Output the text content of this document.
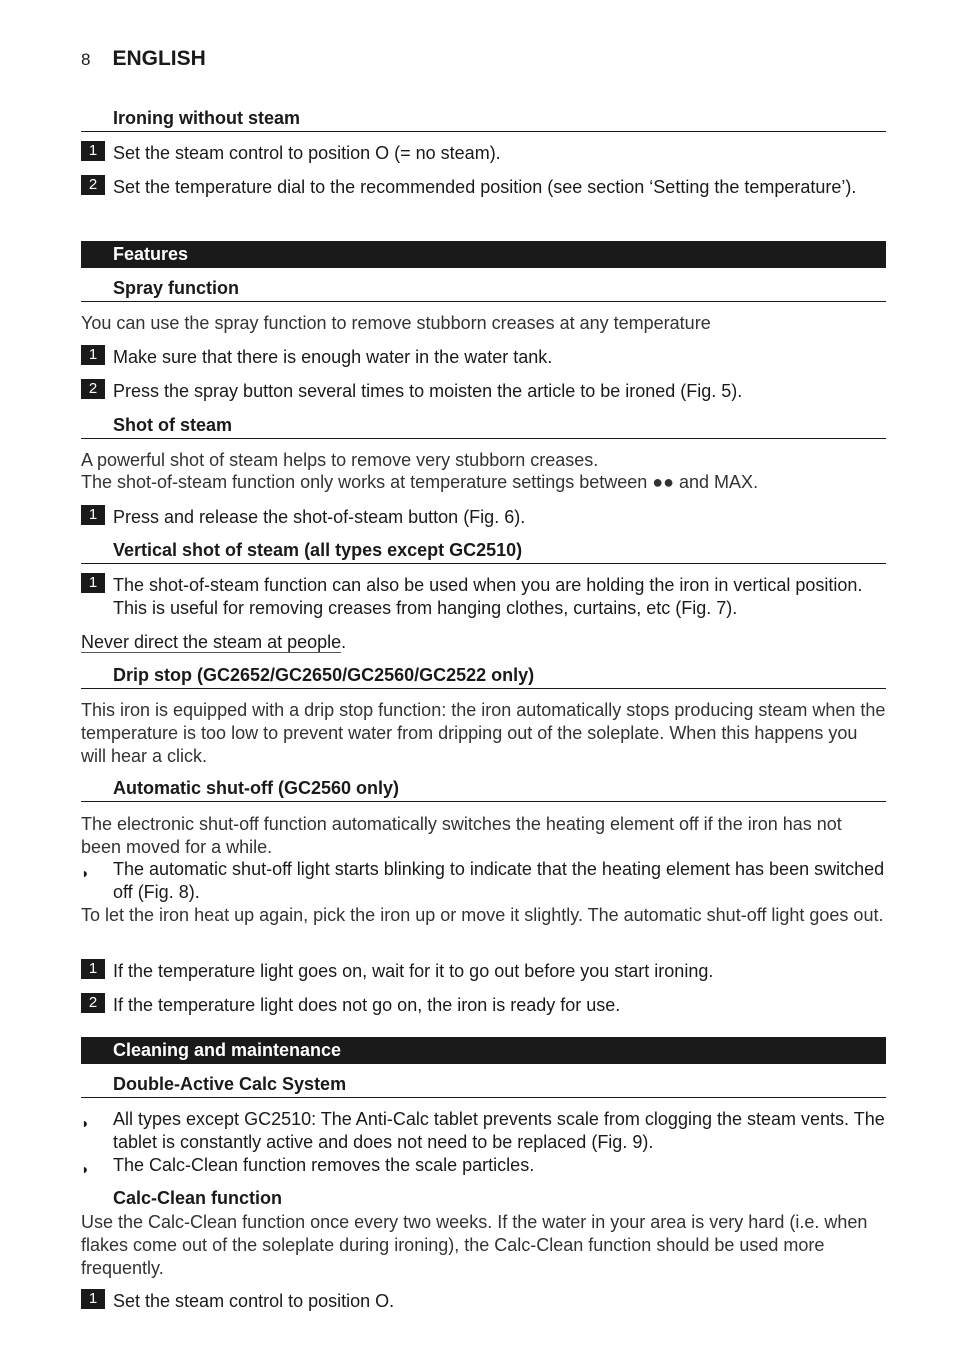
8 ENGLISH
Ironing without steam
1 Set the steam control to position O (= no steam).
2 Set the temperature dial to the recommended position (see section ‘Setting the temperature’).
Features
Spray function
You can use the spray function to remove stubborn creases at any temperature
1 Make sure that there is enough water in the water tank.
2 Press the spray button several times to moisten the article to be ironed (Fig. 5).
Shot of steam
A powerful shot of steam helps to remove very stubborn creases.
The shot-of-steam function only works at temperature settings between ●● and MAX.
1 Press and release the shot-of-steam button (Fig. 6).
Vertical shot of steam (all types except GC2510)
1 The shot-of-steam function can also be used when you are holding the iron in vertical position. This is useful for removing creases from hanging clothes, curtains, etc (Fig. 7).
Never direct the steam at people.
Drip stop (GC2652/GC2650/GC2560/GC2522 only)
This iron is equipped with a drip stop function: the iron automatically stops producing steam when the temperature is too low to prevent water from dripping out of the soleplate. When this happens you will hear a click.
Automatic shut-off (GC2560 only)
The electronic shut-off function automatically switches the heating element off if the iron has not been moved for a while.
◗ The automatic shut-off light starts blinking to indicate that the heating element has been switched off (Fig. 8).
To let the iron heat up again, pick the iron up or move it slightly. The automatic shut-off light goes out.
1 If the temperature light goes on, wait for it to go out before you start ironing.
2 If the temperature light does not go on, the iron is ready for use.
Cleaning and maintenance
Double-Active Calc System
◗ All types except GC2510: The Anti-Calc tablet prevents scale from clogging the steam vents. The tablet is constantly active and does not need to be replaced (Fig. 9).
◗ The Calc-Clean function removes the scale particles.
Calc-Clean function
Use the Calc-Clean function once every two weeks. If the water in your area is very hard (i.e. when flakes come out of the soleplate during ironing), the Calc-Clean function should be used more frequently.
1 Set the steam control to position O.
